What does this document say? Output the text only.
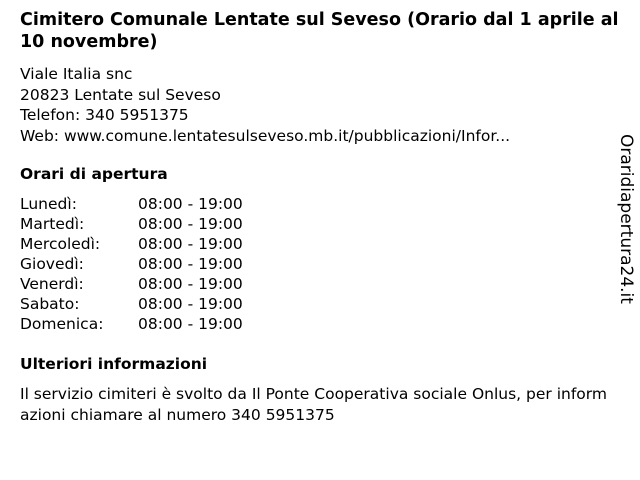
Cimitero Comunale Lentate sul Seveso (Orario dal 1 aprile al 10 novembre)
Viale Italia snc
20823 Lentate sul Seveso
Telefon: 340 5951375
Web: www.comune.lentatesulseveso.mb.it/pubblicazioni/Infor...
Orari di apertura
Lunedì:	08:00 - 19:00
Martedì:	08:00 - 19:00
Mercoledì: 08:00 - 19:00
Giovedì:	08:00 - 19:00
Venerdì:	08:00 - 19:00
Sabato:	08:00 - 19:00
Domenica: 08:00 - 19:00
Ulteriori informazioni
Il servizio cimiteri è svolto da Il Ponte Cooperativa sociale Onlus, per informazioni chiamare al numero 340 5951375
Oraridiapertura24.it
